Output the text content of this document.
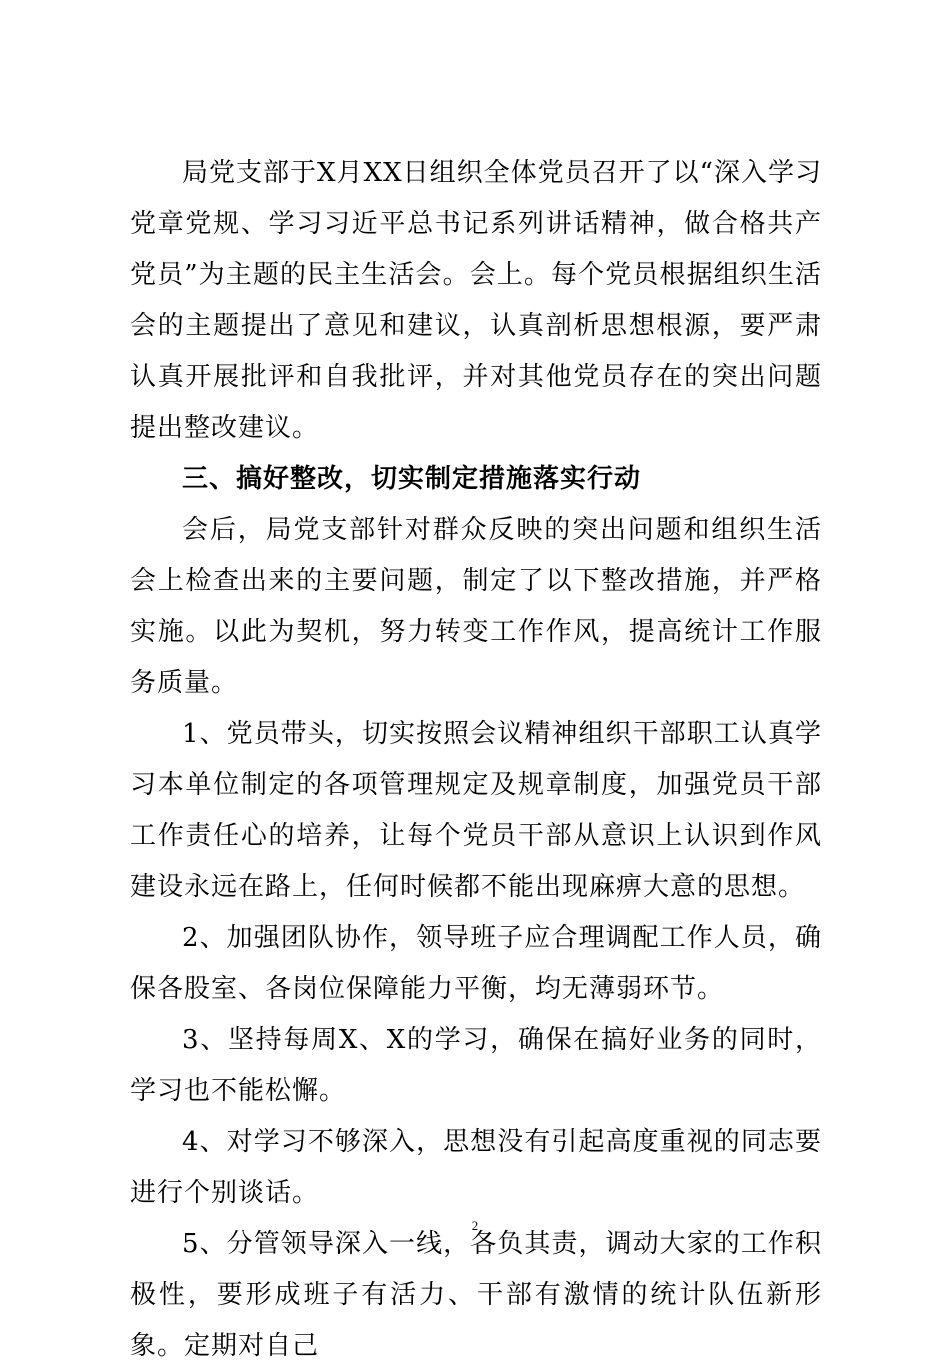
局党支部于X月XX日组织全体党员召开了以“深入学习党章党规、学习习近平总书记系列讲话精神，做合格共产党员”为主题的民主生活会。会上。每个党员根据组织生活会的主题提出了意见和建议，认真剖析思想根源，要严肃认真开展批评和自我批评，并对其他党员存在的突出问题提出整改建议。

三、搞好整改，切实制定措施落实行动

会后，局党支部针对群众反映的突出问题和组织生活会上检查出来的主要问题，制定了以下整改措施，并严格实施。以此为契机，努力转变工作作风，提高统计工作服务质量。

1、党员带头，切实按照会议精神组织干部职工认真学习本单位制定的各项管理规定及规章制度，加强党员干部工作责任心的培养，让每个党员干部从意识上认识到作风建设永远在路上，任何时候都不能出现麻痹大意的思想。

2、加强团队协作，领导班子应合理调配工作人员，确保各股室、各岗位保障能力平衡，均无薄弱环节。

3、坚持每周X、X的学习，确保在搞好业务的同时，学习也不能松懈。

4、对学习不够深入，思想没有引起高度重视的同志要进行个别谈话。

5、分管领导深入一线，各负其责，调动大家的工作积极性，要形成班子有活力、干部有激情的统计队伍新形象。定期对自己

2
